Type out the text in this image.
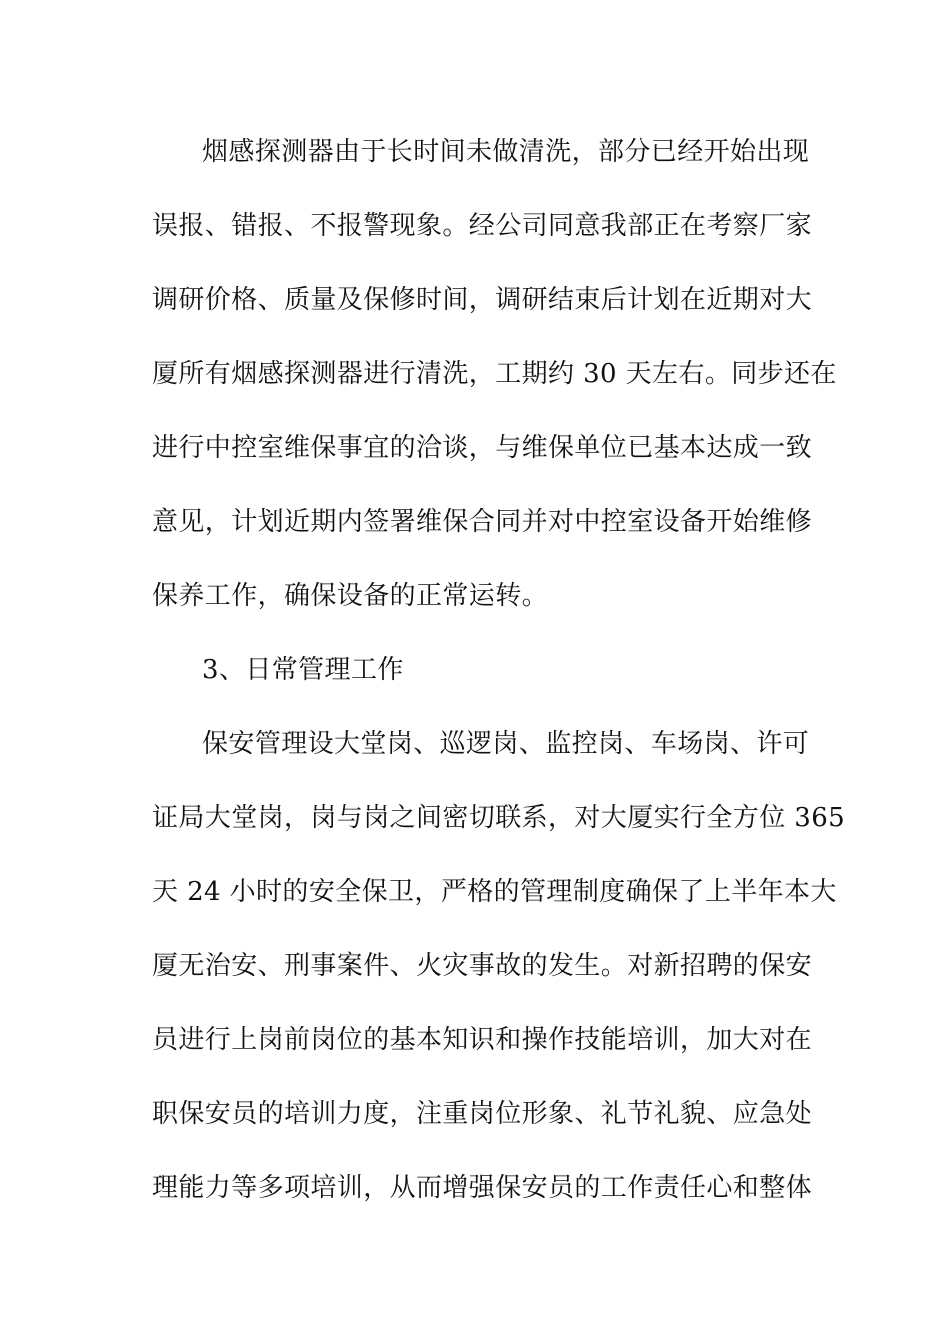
烟感探测器由于长时间未做清洗，部分已经开始出现
误报、错报、不报警现象。经公司同意我部正在考察厂家
调研价格、质量及保修时间，调研结束后计划在近期对大
厦所有烟感探测器进行清洗，工期约 30 天左右。同步还在
进行中控室维保事宜的洽谈，与维保单位已基本达成一致
意见，计划近期内签署维保合同并对中控室设备开始维修
保养工作，确保设备的正常运转。
3、日常管理工作
保安管理设大堂岗、巡逻岗、监控岗、车场岗、许可
证局大堂岗，岗与岗之间密切联系，对大厦实行全方位 365
天 24 小时的安全保卫，严格的管理制度确保了上半年本大
厦无治安、刑事案件、火灾事故的发生。对新招聘的保安
员进行上岗前岗位的基本知识和操作技能培训，加大对在
职保安员的培训力度，注重岗位形象、礼节礼貌、应急处
理能力等多项培训，从而增强保安员的工作责任心和整体
